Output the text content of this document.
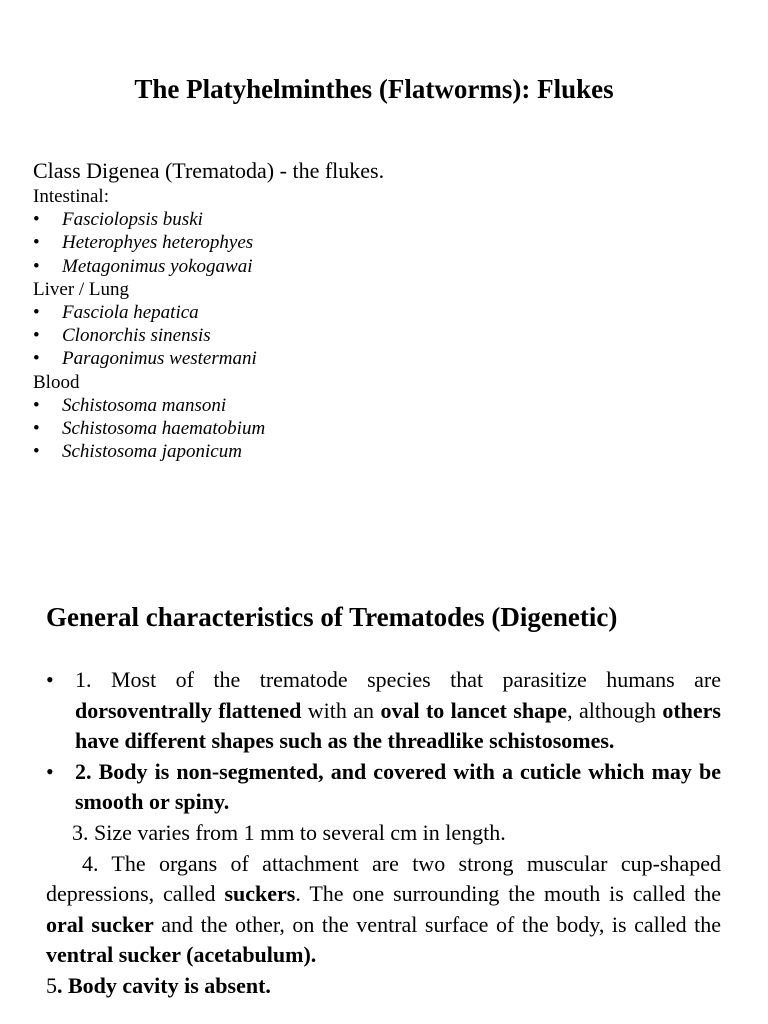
The Platyhelminthes (Flatworms): Flukes

Class Digenea (Trematoda) - the flukes.

Intestinal:
•	Fasciolopsis buski
•	Heterophyes heterophyes
•	Metagonimus yokogawai
Liver / Lung
•	Fasciola hepatica
•	Clonorchis sinensis
•	Paragonimus westermani
Blood
•	Schistosoma mansoni
•	Schistosoma haematobium
•	Schistosoma japonicum
General characteristics of Trematodes (Digenetic)
• 1. Most of the trematode species that parasitize humans are dorsoventrally flattened with an oval to lancet shape, although others have different shapes such as the threadlike schistosomes.
• 2. Body is non-segmented, and covered with a cuticle which may be smooth or spiny.
3. Size varies from 1 mm to several cm in length.
4. The organs of attachment are two strong muscular cup-shaped depressions, called suckers. The one surrounding the mouth is called the oral sucker and the other, on the ventral surface of the body, is called the ventral sucker (acetabulum).
5. Body cavity is absent.
